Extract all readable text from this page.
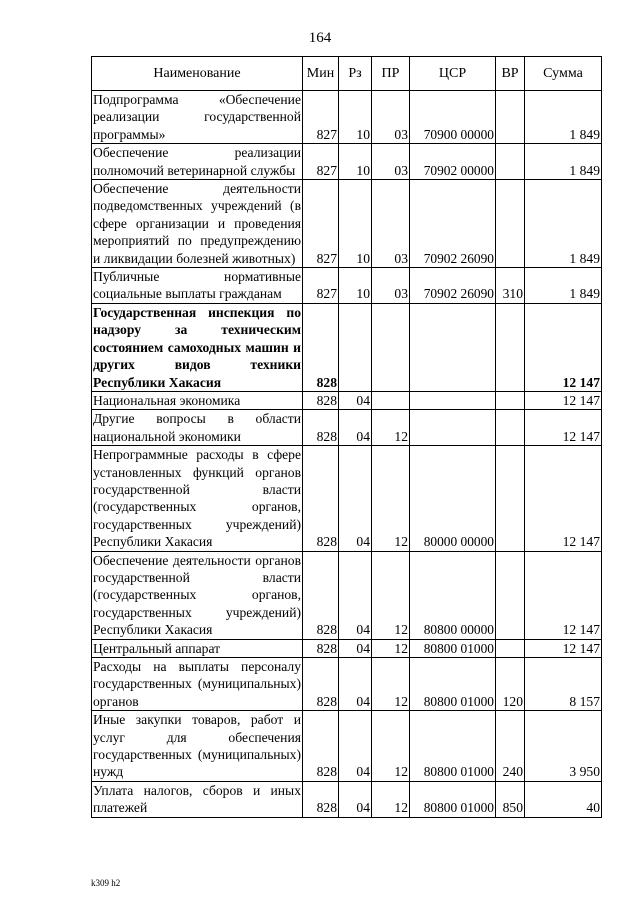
164
Наименование	Мин	Рз	ПР	ЦСР	ВР	Сумма
Подпрограмма «Обеспечение реализации государственной программы»	827	10	03	70900 00000		1 849
Обеспечение реализации полномочий ветеринарной службы	827	10	03	70902 00000		1 849
Обеспечение деятельности подведомственных учреждений (в сфере организации и проведения мероприятий по предупреждению и ликвидации болезней животных)	827	10	03	70902 26090		1 849
Публичные нормативные социальные выплаты гражданам	827	10	03	70902 26090	310	1 849
Государственная инспекция по надзору за техническим состоянием самоходных машин и других видов техники Республики Хакасия	828					12 147
Национальная экономика	828	04				12 147
Другие вопросы в области национальной экономики	828	04	12			12 147
Непрограммные расходы в сфере установленных функций органов государственной власти (государственных органов, государственных учреждений) Республики Хакасия	828	04	12	80000 00000		12 147
Обеспечение деятельности органов государственной власти (государственных органов, государственных учреждений) Республики Хакасия	828	04	12	80800 00000		12 147
Центральный аппарат	828	04	12	80800 01000		12 147
Расходы на выплаты персоналу государственных (муниципальных) органов	828	04	12	80800 01000	120	8 157
Иные закупки товаров, работ и услуг для обеспечения государственных (муниципальных) нужд	828	04	12	80800 01000	240	3 950
Уплата налогов, сборов и иных платежей	828	04	12	80800 01000	850	40
k309 h2
